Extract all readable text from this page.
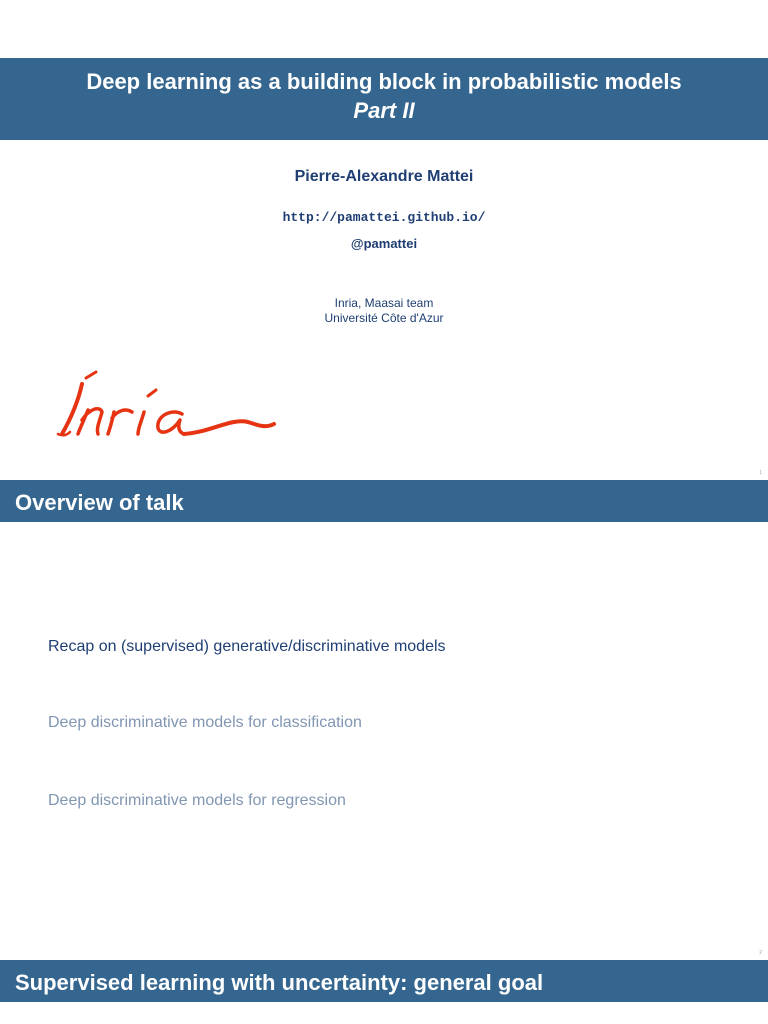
Deep learning as a building block in probabilistic models
Part II
Pierre-Alexandre Mattei
http://pamattei.github.io/
@pamattei
Inria, Maasai team
Université Côte d'Azur
1
Overview of talk
Recap on (supervised) generative/discriminative models
Deep discriminative models for classification
Deep discriminative models for regression
2
Supervised learning with uncertainty: general goal
